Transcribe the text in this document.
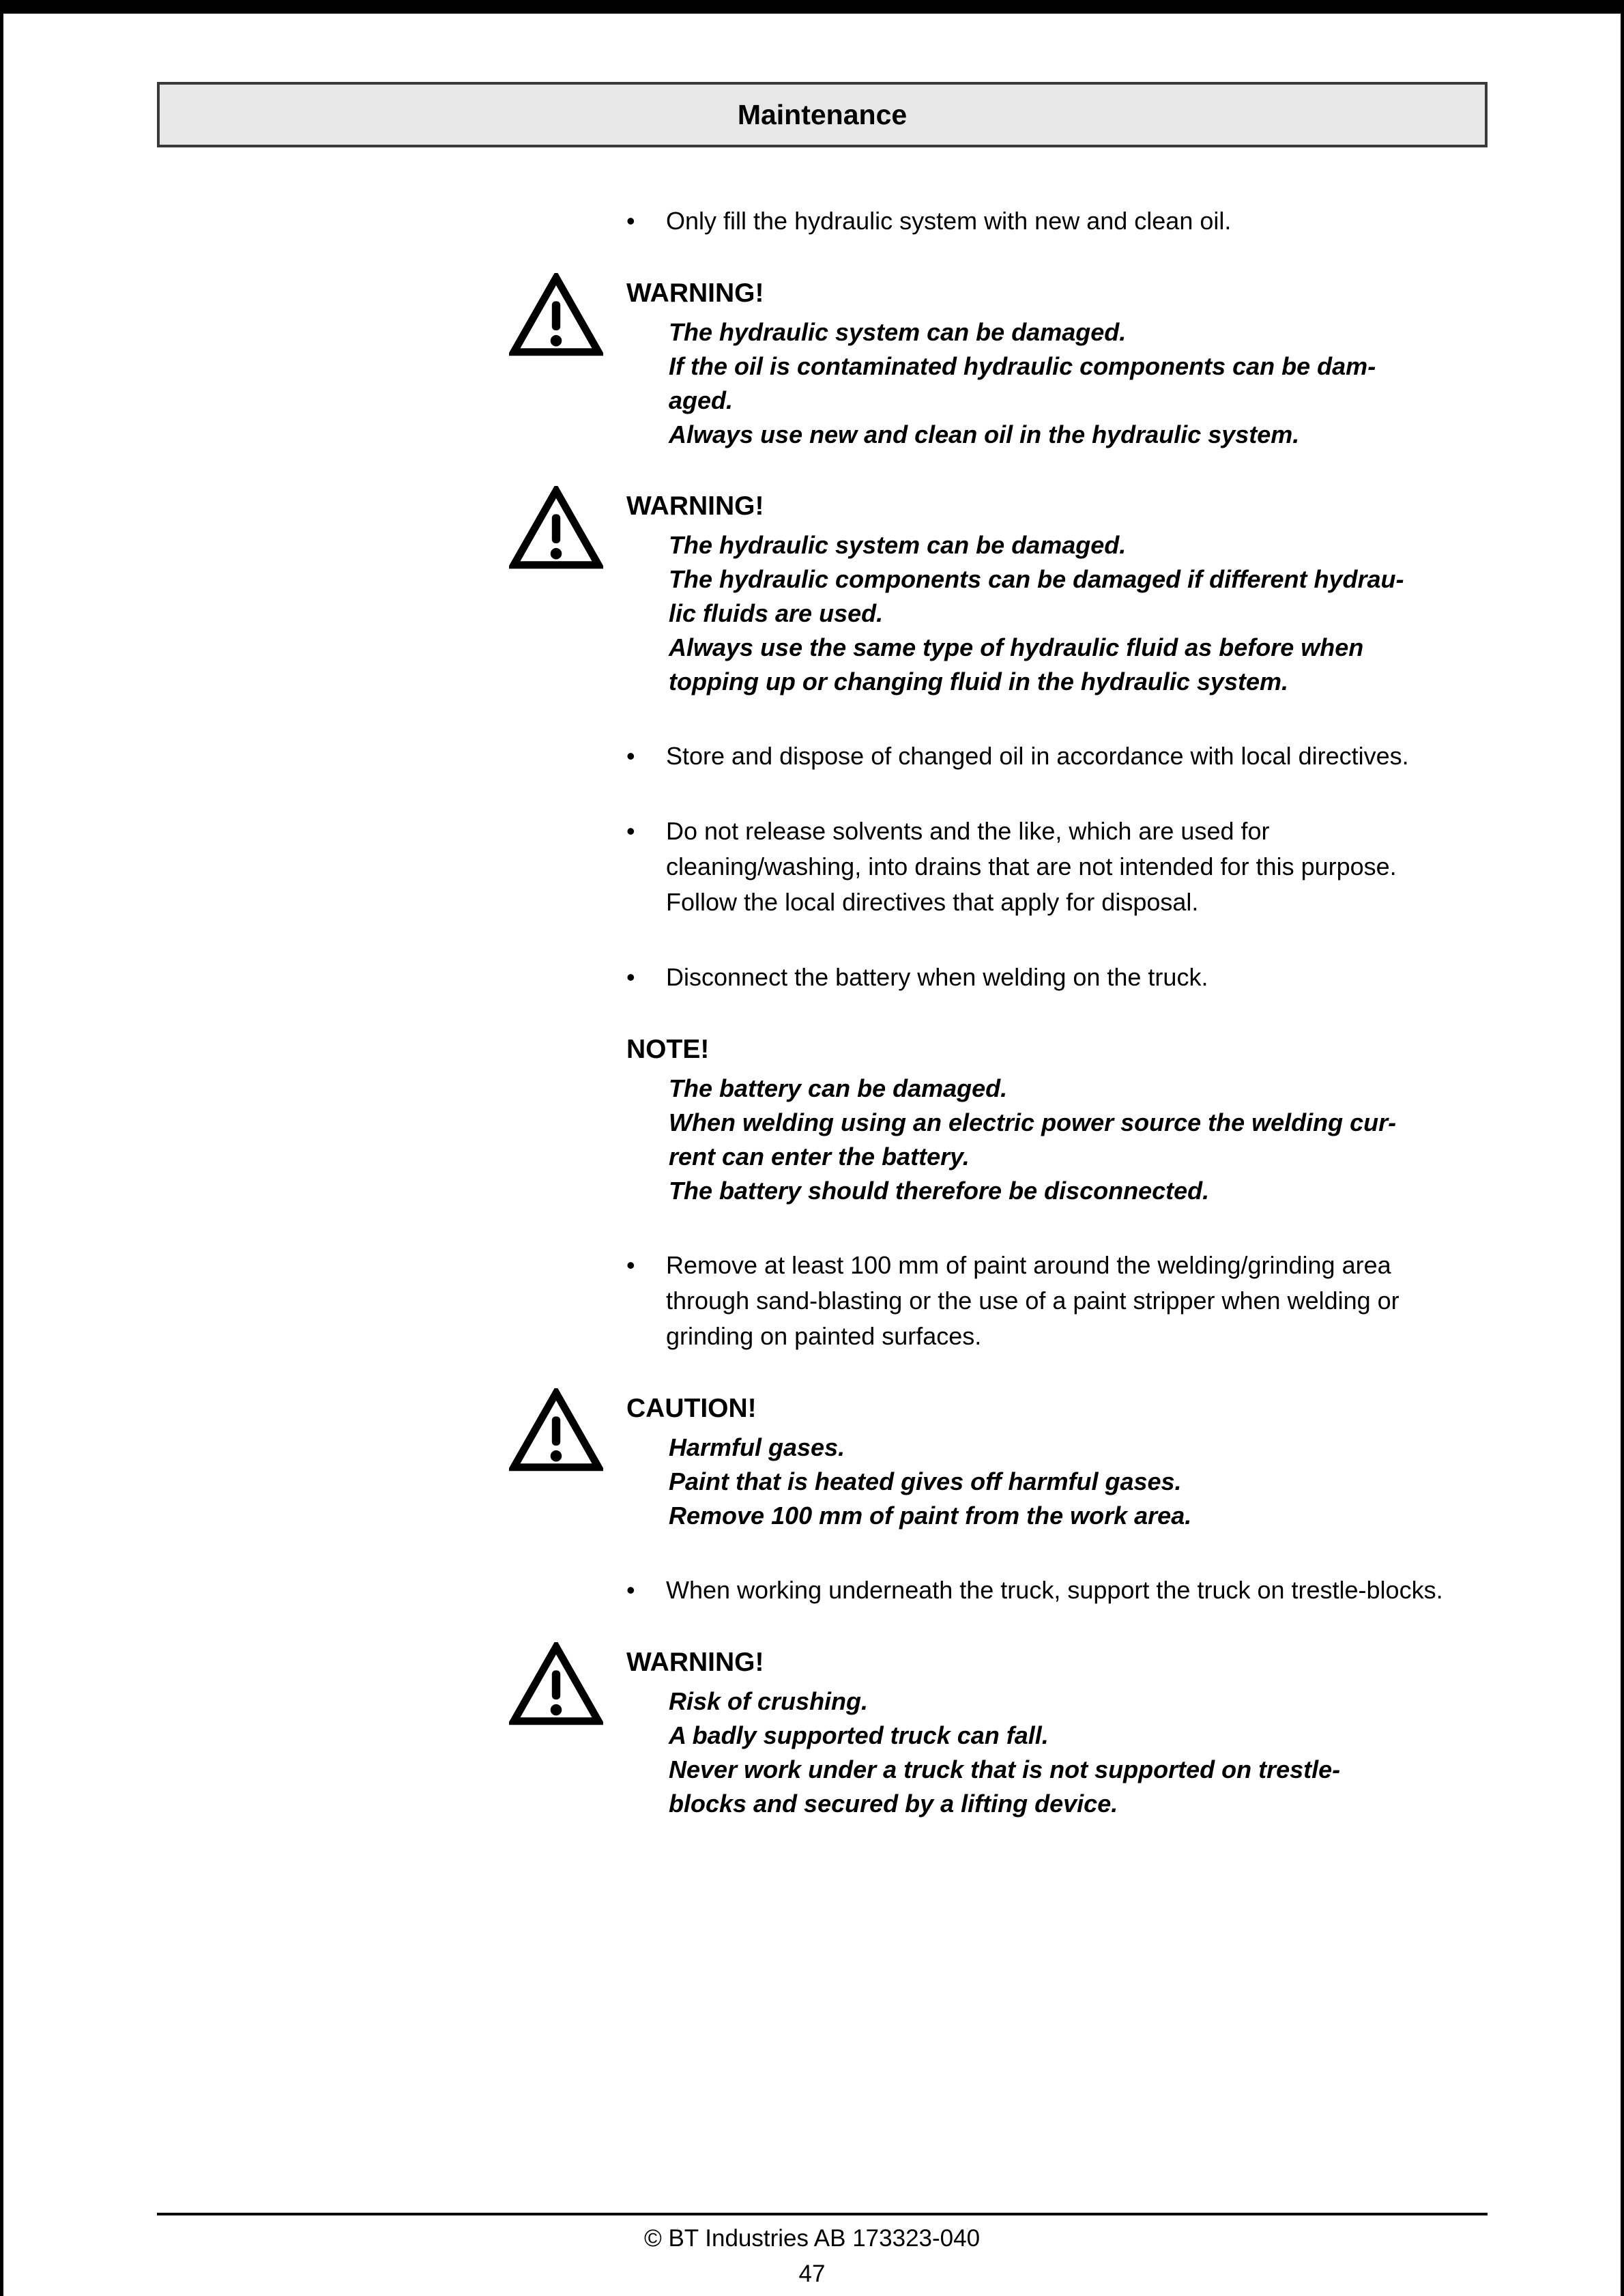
Maintenance
•	Only fill the hydraulic system with new and clean oil.
WARNING!
The hydraulic system can be damaged.
If the oil is contaminated hydraulic components can be dam-
aged.
Always use new and clean oil in the hydraulic system.
WARNING!
The hydraulic system can be damaged.
The hydraulic components can be damaged if different hydrau-
lic fluids are used.
Always use the same type of hydraulic fluid as before when
topping up or changing fluid in the hydraulic system.
•	Store and dispose of changed oil in accordance with local directives.
•	Do not release solvents and the like, which are used for cleaning/washing, into drains that are not intended for this purpose. Follow the local directives that apply for disposal.
•	Disconnect the battery when welding on the truck.
NOTE!
The battery can be damaged.
When welding using an electric power source the welding cur-
rent can enter the battery.
The battery should therefore be disconnected.
•	Remove at least 100 mm of paint around the welding/grinding area through sand-blasting or the use of a paint stripper when welding or grinding on painted surfaces.
CAUTION!
Harmful gases.
Paint that is heated gives off harmful gases.
Remove 100 mm of paint from the work area.
•	When working underneath the truck, support the truck on trestle-blocks.
WARNING!
Risk of crushing.
A badly supported truck can fall.
Never work under a truck that is not supported on trestle-
blocks and secured by a lifting device.
© BT Industries AB 173323-040
47
